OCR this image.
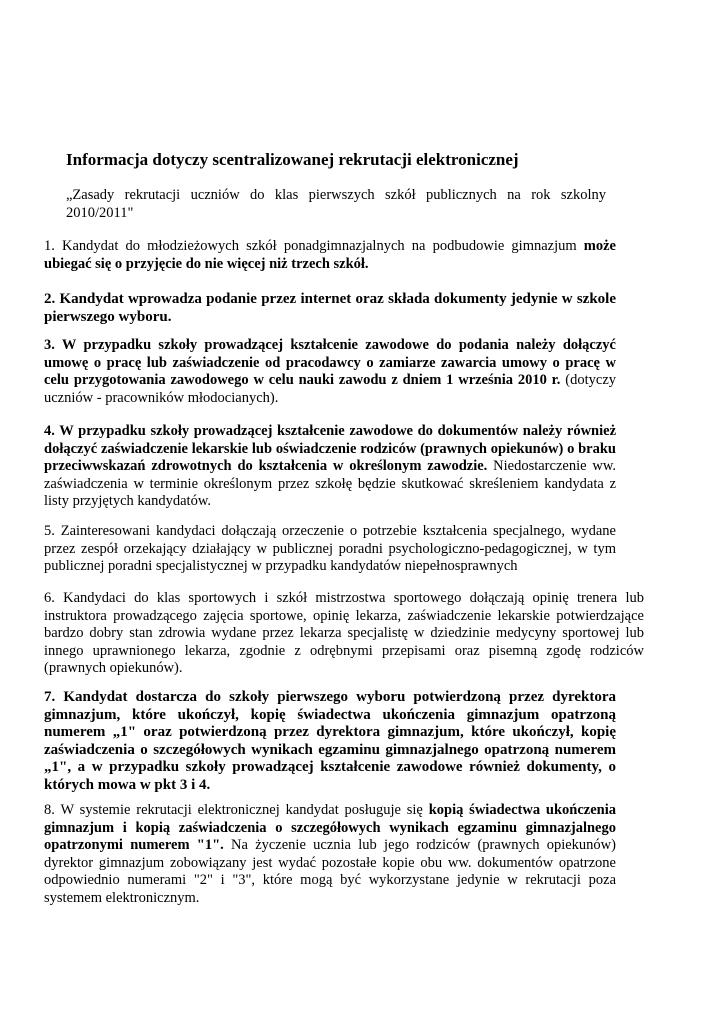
Informacja dotyczy scentralizowanej rekrutacji elektronicznej
„Zasady rekrutacji uczniów do klas pierwszych szkół publicznych na rok szkolny 2010/2011"

1. Kandydat do młodzieżowych szkół ponadgimnazjalnych na podbudowie gimnazjum może ubiegać się o przyjęcie do nie więcej niż trzech szkół.

2. Kandydat wprowadza podanie przez internet oraz składa dokumenty jedynie w szkole pierwszego wyboru.

3. W przypadku szkoły prowadzącej kształcenie zawodowe do podania należy dołączyć umowę o pracę lub zaświadczenie od pracodawcy o zamiarze zawarcia umowy o pracę w celu przygotowania zawodowego w celu nauki zawodu z dniem 1 września 2010 r. (dotyczy uczniów - pracowników młodocianych).

4. W przypadku szkoły prowadzącej kształcenie zawodowe do dokumentów należy również dołączyć zaświadczenie lekarskie lub oświadczenie rodziców (prawnych opiekunów) o braku przeciwwskazań zdrowotnych do kształcenia w określonym zawodzie. Niedostarczenie ww. zaświadczenia w terminie określonym przez szkołę będzie skutkować skreśleniem kandydata z listy przyjętych kandydatów.

5. Zainteresowani kandydaci dołączają orzeczenie o potrzebie kształcenia specjalnego, wydane przez zespół orzekający działający w publicznej poradni psychologiczno-pedagogicznej, w tym publicznej poradni specjalistycznej w przypadku kandydatów niepełnosprawnych

6. Kandydaci do klas sportowych i szkół mistrzostwa sportowego dołączają opinię trenera lub instruktora prowadzącego zajęcia sportowe, opinię lekarza, zaświadczenie lekarskie potwierdzające bardzo dobry stan zdrowia wydane przez lekarza specjalistę w dziedzinie medycyny sportowej lub innego uprawnionego lekarza, zgodnie z odrębnymi przepisami oraz pisemną zgodę rodziców (prawnych opiekunów).

7. Kandydat dostarcza do szkoły pierwszego wyboru potwierdzoną przez dyrektora gimnazjum, które ukończył, kopię świadectwa ukończenia gimnazjum opatrzoną numerem „1" oraz potwierdzoną przez dyrektora gimnazjum, które ukończył, kopię zaświadczenia o szczegółowych wynikach egzaminu gimnazjalnego opatrzoną numerem „1", a w przypadku szkoły prowadzącej kształcenie zawodowe również dokumenty, o których mowa w pkt 3 i 4.

8. W systemie rekrutacji elektronicznej kandydat posługuje się kopią świadectwa ukończenia gimnazjum i kopią zaświadczenia o szczegółowych wynikach egzaminu gimnazjalnego opatrzonymi numerem "1". Na życzenie ucznia lub jego rodziców (prawnych opiekunów) dyrektor gimnazjum zobowiązany jest wydać pozostałe kopie obu ww. dokumentów opatrzone odpowiednio numerami "2" i "3", które mogą być wykorzystane jedynie w rekrutacji poza systemem elektronicznym.
